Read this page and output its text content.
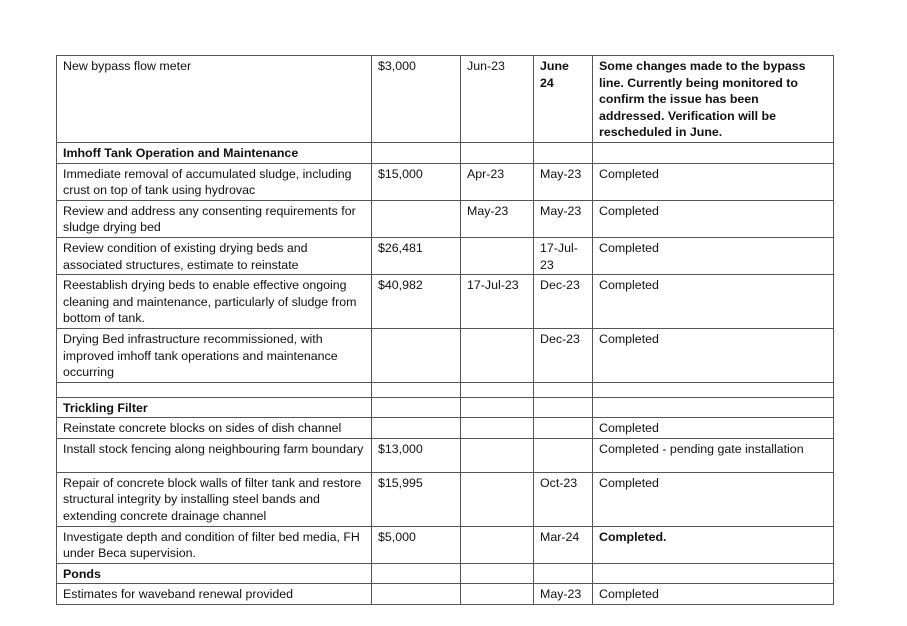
New bypass flow meter	$3,000	Jun-23	June 24	Some changes made to the bypass line. Currently being monitored to confirm the issue has been addressed. Verification will be rescheduled in June.
Imhoff Tank Operation and Maintenance				
Immediate removal of accumulated sludge, including crust on top of tank using hydrovac	$15,000	Apr-23	May-23	Completed
Review and address any consenting requirements for sludge drying bed		May-23	May-23	Completed
Review condition of existing drying beds and associated structures, estimate to reinstate	$26,481		17-Jul-23	Completed
Reestablish drying beds to enable effective ongoing cleaning and maintenance, particularly of sludge from bottom of tank.	$40,982	17-Jul-23	Dec-23	Completed
Drying Bed infrastructure recommissioned, with improved imhoff tank operations and maintenance occurring			Dec-23	Completed

Trickling Filter				
Reinstate concrete blocks on sides of dish channel				Completed
Install stock fencing along neighbouring farm boundary	$13,000			Completed - pending gate installation
Repair of concrete block walls of filter tank and restore structural integrity by installing steel bands and extending concrete drainage channel	$15,995		Oct-23	Completed
Investigate depth and condition of filter bed media, FH under Beca supervision.	$5,000		Mar-24	Completed.
Ponds				
Estimates for waveband renewal provided			May-23	Completed
